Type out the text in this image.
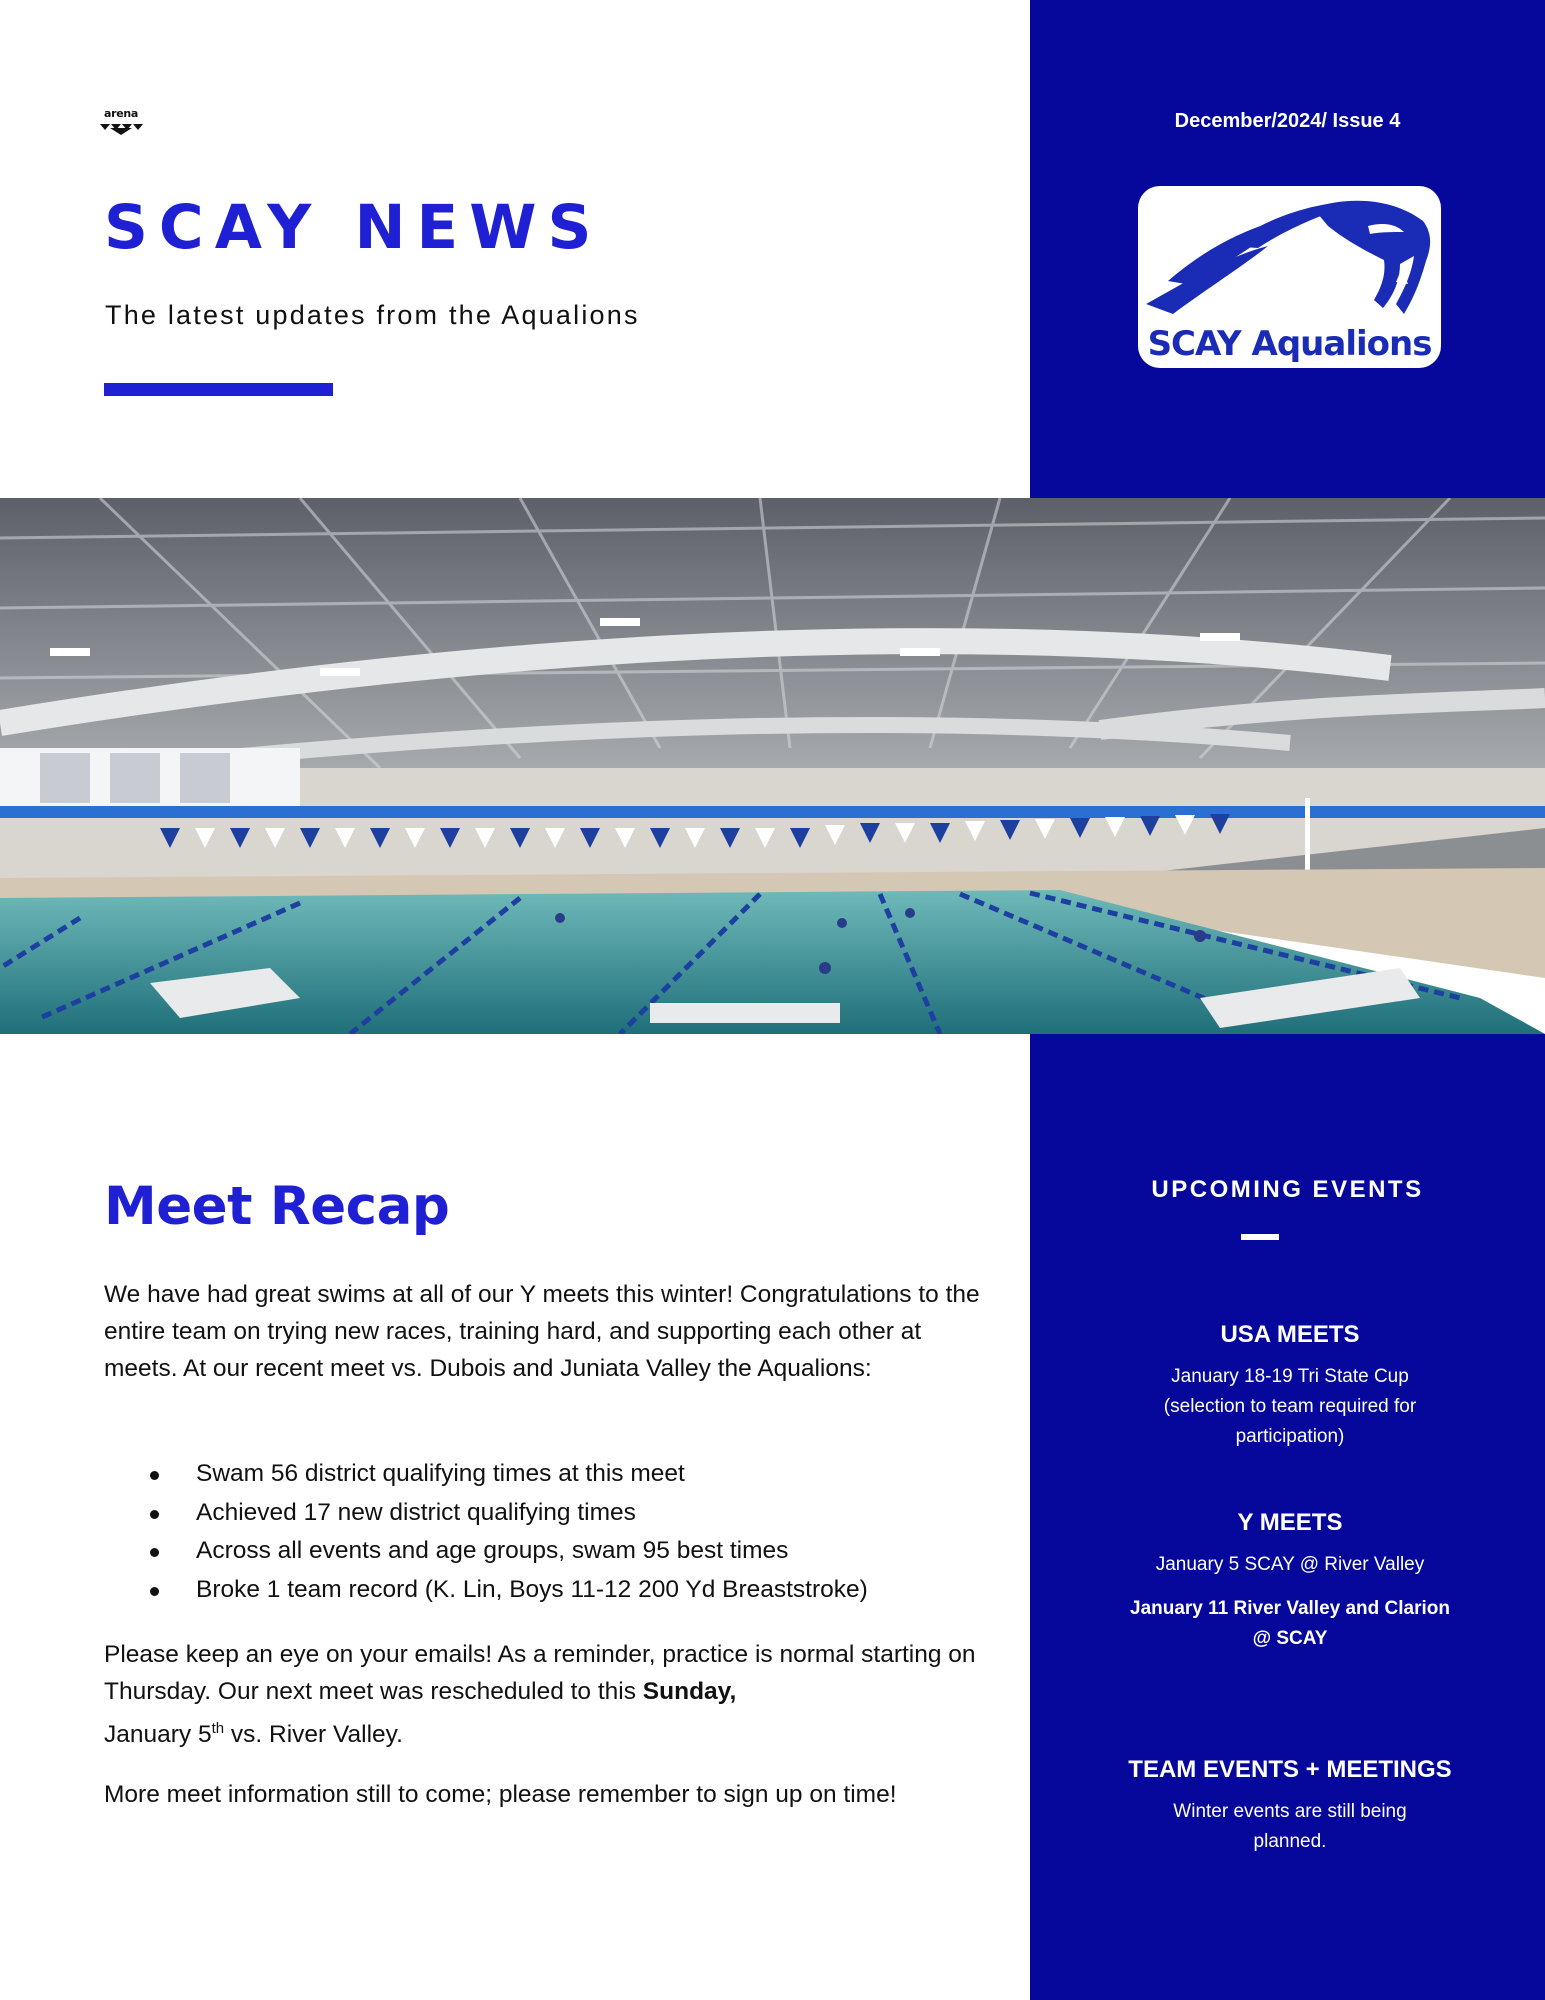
arena
SCAY NEWS
The latest updates from the Aqualions
December/2024/ Issue 4
SCAY Aqualions
UPCOMING EVENTS
USA MEETS
January 18-19 Tri State Cup
(selection to team required for
participation)
Y MEETS
January 5 SCAY @ River Valley
January 11 River Valley and Clarion
@ SCAY
TEAM EVENTS + MEETINGS
Winter events are still being
planned.
Meet Recap

We have had great swims at all of our Y meets this winter! Congratulations to the entire team on trying new races, training hard, and supporting each other at meets. At our recent meet vs. Dubois and Juniata Valley the Aqualions:

Swam 56 district qualifying times at this meet
Achieved 17 new district qualifying times
Across all events and age groups, swam 95 best times
Broke 1 team record (K. Lin, Boys 11-12 200 Yd Breaststroke)

Please keep an eye on your emails! As a reminder, practice is normal starting on Thursday. Our next meet was rescheduled to this Sunday,
January 5th vs. River Valley.

More meet information still to come; please remember to sign up on time!
